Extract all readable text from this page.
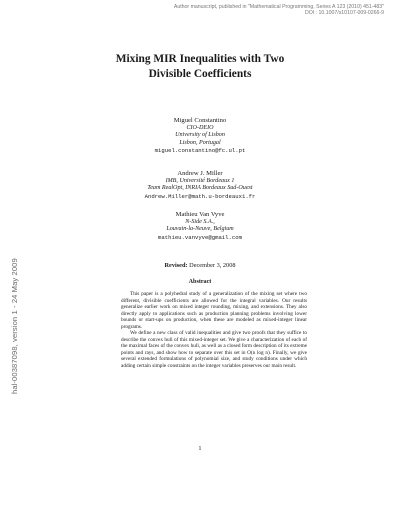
Author manuscript, published in "Mathematical Programming, Series A 123 (2010) 451-483"
DOI : 10.1007/s10107-009-0266-9
hal-00387098, version 1 - 24 May 2009
Mixing MIR Inequalities with Two
Divisible Coefficients
Miguel Constantino
CIO-DEIO
University of Lisbon
Lisbon, Portugal
miguel.constantino@fc.ul.pt
Andrew J. Miller
IMB, Université Bordeaux 1
Team RealOpt, INRIA Bordeaux Sud-Ouest
Andrew.Miller@math.u-bordeaux1.fr
Mathieu Van Vyve
N-Side S.A.,
Louvain-la-Neuve, Belgium
mathieu.vanvyve@gmail.com
Revised: December 3, 2008
Abstract

This paper is a polyhedral study of a generalization of the mixing set where two different, divisible coefficients are allowed for the integral variables. Our results generalize earlier work on mixed integer rounding, mixing, and extensions. They also directly apply to applications such as production planning problems involving lower bounds or start-ups on production, when these are modeled as mixed-integer linear programs.

We define a new class of valid inequalities and give two proofs that they suffice to describe the convex hull of this mixed-integer set. We give a characterization of each of the maximal faces of the convex hull, as well as a closed form description of its extreme points and rays, and show how to separate over this set in O(n log n). Finally, we give several extended formulations of polynomial size, and study conditions under which adding certain simple constraints on the integer variables preserves our main result.

1
